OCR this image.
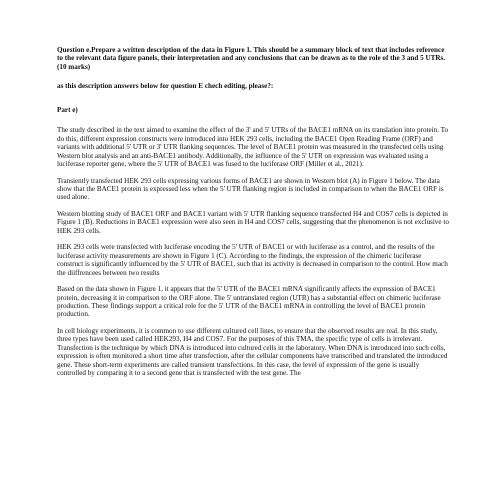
Question e.Prepare a written description of the data in Figure 1. This should be a summary block of text that includes reference to the relevant data figure panels, their interpretation and any conclusions that can be drawn as to the role of the 3 and 5 UTRs. (10 marks)

as this description answers below for question E chech editing, please?:

Part e)

The study described in the text aimed to examine the effect of the 3' and 5' UTRs of the BACE1 mRNA on its translation into protein. To do this, different expression constructs were introduced into HEK 293 cells, including the BACE1 Open Reading Frame (ORF) and variants with additional 5' UTR or 3' UTR flanking sequences. The level of BACE1 protein was measured in the transfected cells using Western blot analysis and an anti-BACE1 antibody. Additionally, the influence of the 5' UTR on expression was evaluated using a luciferase reporter gene, where the 5' UTR of BACE1 was fused to the luciferase ORF (Miller et al., 2021).

Transiently transfected HEK 293 cells expressing various forms of BACE1 are shown in Western blot (A) in Figure 1 below. The data show that the BACE1 protein is expressed less when the 5' UTR flanking region is included in comparison to when the BACE1 ORF is used alone.

Western blotting study of BACE1 ORF and BACE1 variant with 5' UTR flanking sequence transfected H4 and COS7 cells is depicted in Figure 1 (B). Reductions in BACE1 expression were also seen in H4 and COS7 cells, suggesting that the phenomenon is not exclusive to HEK 293 cells.

HEK 293 cells were transfected with luciferase encoding the 5' UTR of BACE1 or with luciferase as a control, and the results of the luciferase activity measurements are shown in Figure 1 (C). According to the findings, the expression of the chimeric luciferase construct is significantly influenced by the 5' UTR of BACE1, such that its activity is decreased in comparison to the control. How mach the diiffrencees between two results

Based on the data shown in Figure 1, it appears that the 5' UTR of the BACE1 mRNA significantly affects the expression of BACE1 protein, decreasing it in comparison to the ORF alone. The 5' untranslated region (UTR) has a substantial effect on chimeric luciferase production. These findings support a critical role for the 5' UTR of the BACE1 mRNA in controlling the level of BACE1 protein production.

In cell biology experiments, it is common to use different cultured cell lines, to ensure that the observed results are real. In this study, three types have been used called HEK293, H4 and COS7. For the purposes of this TMA, the specific type of cells is irrelevant. Transfection is the technique by which DNA is introduced into cultured cells in the laboratory. When DNA is introduced into such cells, expression is often monitored a short time after transfection, after the cellular components have transcribed and translated the introduced gene. These short-term experiments are called transient transfections. In this case, the level of expression of the gene is usually controlled by comparing it to a second gene that is transfected with the test gene. The
